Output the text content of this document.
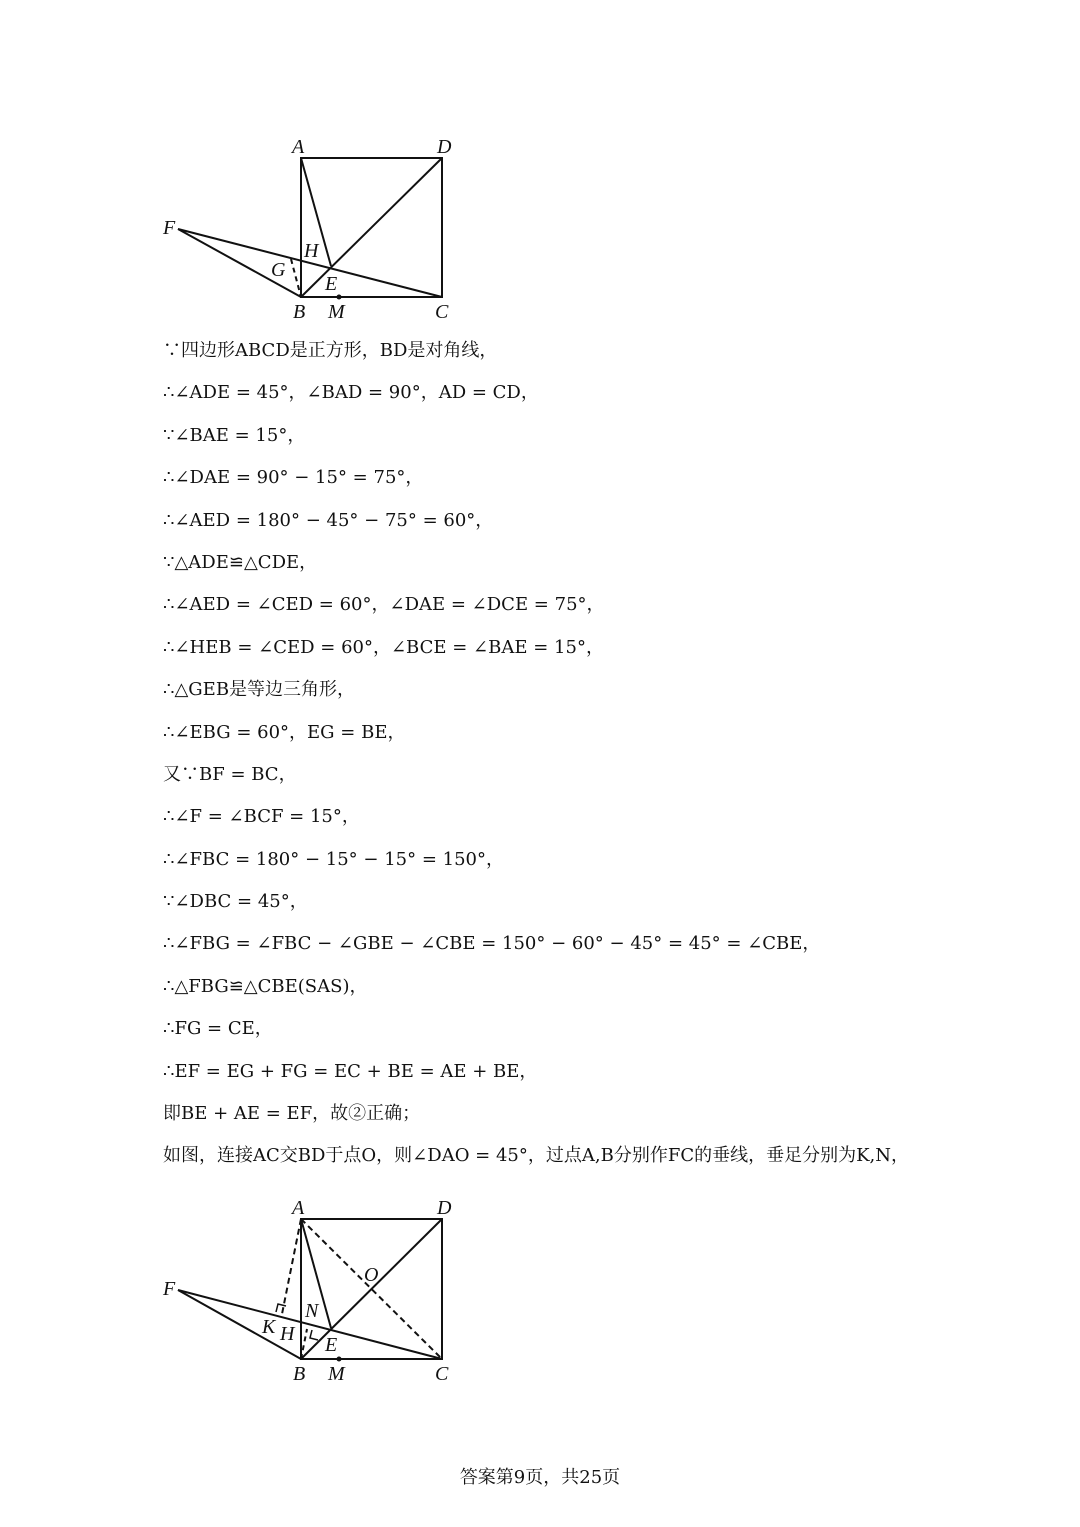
A	D
F
H
G
E
B M	C
∵四边形ABCD是正方形，BD是对角线，
∴∠ADE = 45°，∠BAD = 90°，AD = CD，
∵∠BAE = 15°，
∴∠DAE = 90° − 15° = 75°，
∴∠AED = 180° − 45° − 75° = 60°，
∵△ADE≌△CDE，
∴∠AED = ∠CED = 60°，∠DAE = ∠DCE = 75°，
∴∠HEB = ∠CED = 60°，∠BCE = ∠BAE = 15°，
∴△GEB是等边三角形，
∴∠EBG = 60°，EG = BE，
又∵BF = BC，
∴∠F = ∠BCF = 15°，
∴∠FBC = 180° − 15° − 15° = 150°，
∵∠DBC = 45°，
∴∠FBG = ∠FBC − ∠GBE − ∠CBE = 150° − 60° − 45° = 45° = ∠CBE，
∴△FBG≌△CBE(SAS)，
∴FG = CE，
∴EF = EG + FG = EC + BE = AE + BE，
即BE + AE = EF，故②正确；
如图，连接AC交BD于点O，则∠DAO = 45°，过点A,B分别作FC的垂线，垂足分别为K,N，
A	D
O
F
N
K H E
B M	C
答案第9页，共25页
